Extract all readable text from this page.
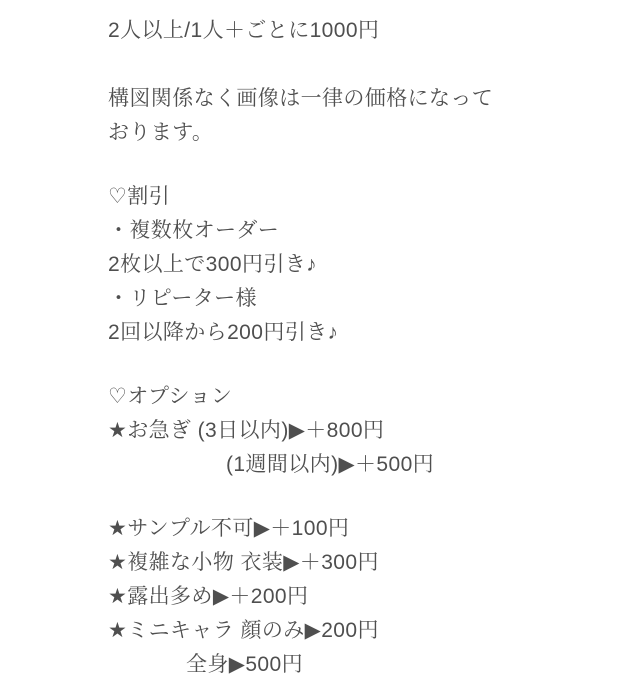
2人以上/1人＋ごとに1000円
構図関係なく画像は一律の価格になって
おります。
♡割引
・複数枚オーダー
2枚以上で300円引き♪
・リピーター様
2回以降から200円引き♪
♡オプション
★お急ぎ (3日以内)▶＋800円
(1週間以内)▶＋500円
★サンプル不可▶＋100円
★複雑な小物 衣装▶＋300円
★露出多め▶＋200円
★ミニキャラ 顔のみ▶200円
全身▶500円
